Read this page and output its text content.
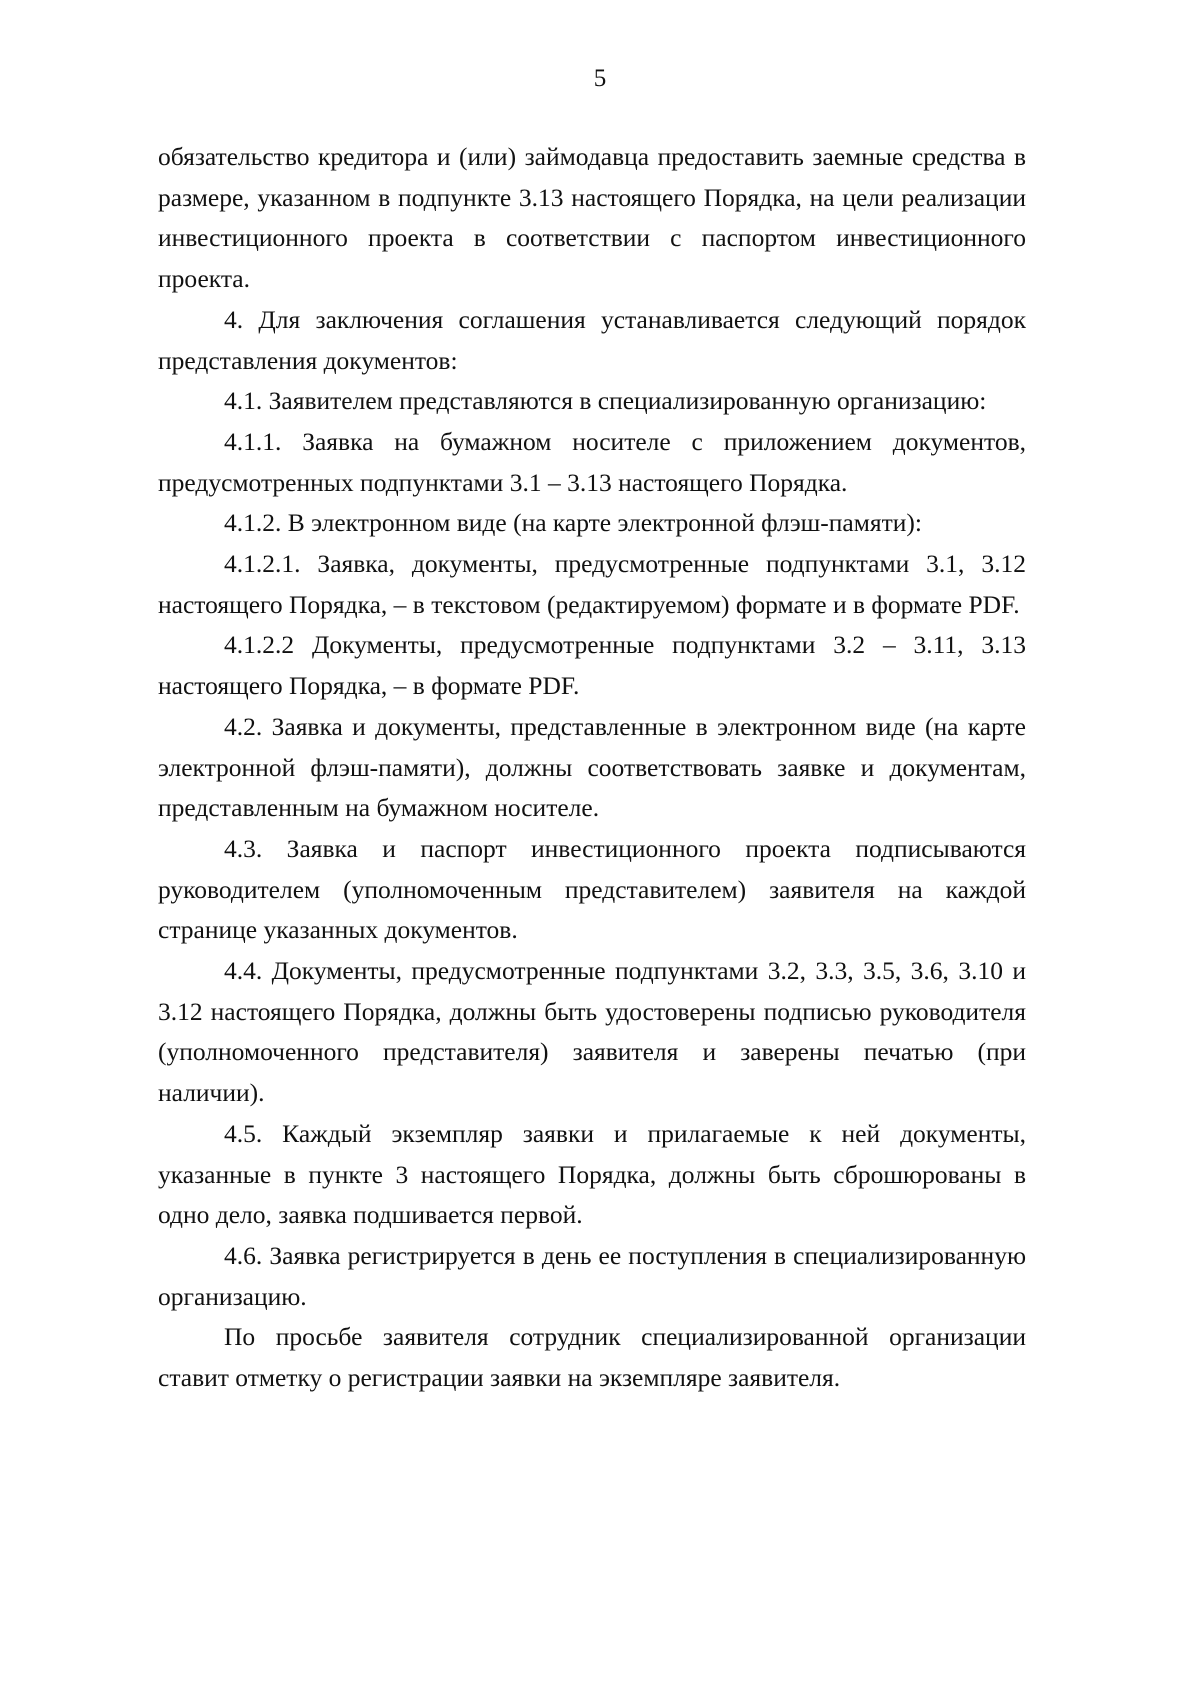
5

обязательство кредитора и (или) займодавца предоставить заемные средства в размере, указанном в подпункте 3.13 настоящего Порядка, на цели реализации инвестиционного проекта в соответствии с паспортом инвестиционного проекта.

4. Для заключения соглашения устанавливается следующий порядок представления документов:

4.1. Заявителем представляются в специализированную организацию:

4.1.1. Заявка на бумажном носителе с приложением документов, предусмотренных подпунктами 3.1 – 3.13 настоящего Порядка.

4.1.2. В электронном виде (на карте электронной флэш-памяти):

4.1.2.1. Заявка, документы, предусмотренные подпунктами 3.1, 3.12 настоящего Порядка, – в текстовом (редактируемом) формате и в формате PDF.

4.1.2.2 Документы, предусмотренные подпунктами 3.2 – 3.11, 3.13 настоящего Порядка, – в формате PDF.

4.2. Заявка и документы, представленные в электронном виде (на карте электронной флэш-памяти), должны соответствовать заявке и документам, представленным на бумажном носителе.

4.3. Заявка и паспорт инвестиционного проекта подписываются руководителем (уполномоченным представителем) заявителя на каждой странице указанных документов.

4.4. Документы, предусмотренные подпунктами 3.2, 3.3, 3.5, 3.6, 3.10 и 3.12 настоящего Порядка, должны быть удостоверены подписью руководителя (уполномоченного представителя) заявителя и заверены печатью (при наличии).

4.5. Каждый экземпляр заявки и прилагаемые к ней документы, указанные в пункте 3 настоящего Порядка, должны быть сброшюрованы в одно дело, заявка подшивается первой.

4.6. Заявка регистрируется в день ее поступления в специализированную организацию.

По просьбе заявителя сотрудник специализированной организации ставит отметку о регистрации заявки на экземпляре заявителя.
